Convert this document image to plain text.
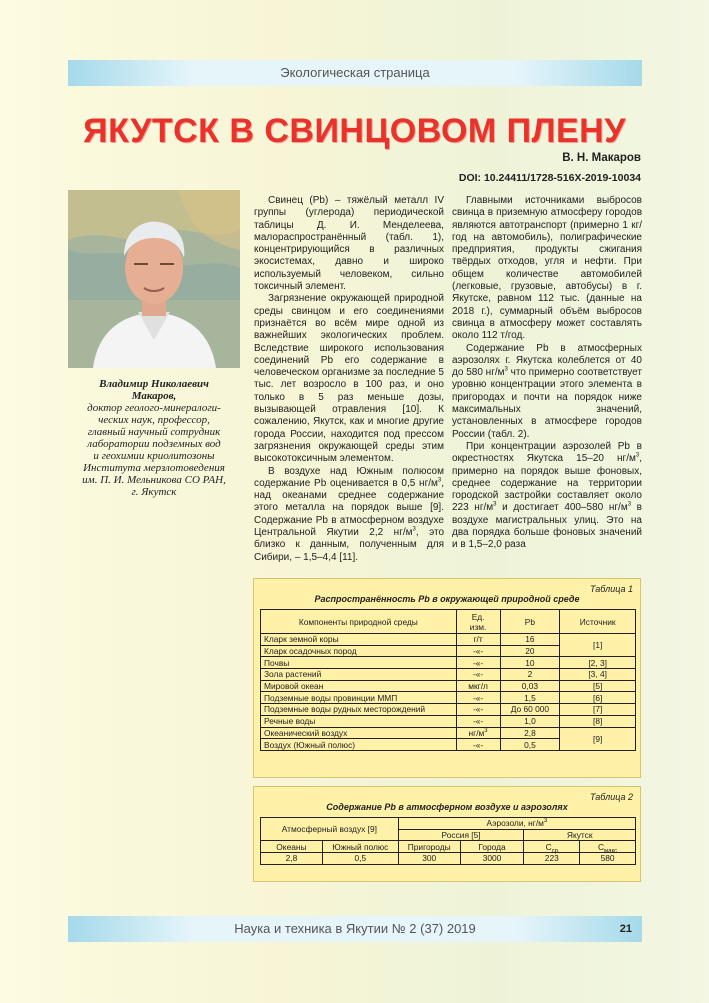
Экологическая страница
ЯКУТСК В СВИНЦОВОМ ПЛЕНУ
В. Н. Макаров
DOI: 10.24411/1728-516X-2019-10034
Владимир Николаевич
Макаров,
доктор геолого-минералоги-
ческих наук, профессор,
главный научный сотрудник
лаборатории подземных вод
и геохимии криолитозоны
Института мерзлотоведения
им. П. И. Мельникова СО РАН,
г. Якутск

Свинец (Pb) – тяжёлый металл IV группы (углерода) периодической таблицы Д. И. Менделеева, малораспространённый (табл. 1), концентрирующийся в различных экосистемах, давно и широко используемый человеком, сильно токсичный элемент.

Загрязнение окружающей природной среды свинцом и его соединениями признаётся во всём мире одной из важнейших экологических проблем. Вследствие широкого использования соединений Pb его содержание в человеческом организме за последние 5 тыс. лет возросло в 100 раз, и оно только в 5 раз меньше дозы, вызывающей отравления [10]. К сожалению, Якутск, как и многие другие города России, находится под прессом загрязнения окружающей среды этим высокотоксичным элементом.

В воздухе над Южным полюсом содержание Pb оценивается в 0,5 $нг/м^3$, над океанами среднее содержание этого металла на порядок выше [9]. Содержание Pb в атмосферном воздухе Центральной Якутии 2,2 $нг/м^3$, это близко к данным, полученным для Сибири, – 1,5–4,4 [11].

Главными источниками выбросов свинца в приземную атмосферу городов являются автотранспорт (примерно 1 кг/год на автомобиль), полиграфические предприятия, продукты сжигания твёрдых отходов, угля и нефти. При общем количестве автомобилей (легковые, грузовые, автобусы) в г. Якутске, равном 112 тыс. (данные на 2018 г.), суммарный объём выбросов свинца в атмосферу может составлять около 112 т/год.

Содержание Pb в атмосферных аэрозолях г. Якутска колеблется от 40 до 580 $нг/м^3$ что примерно соответствует уровню концентрации этого элемента в пригородах и почти на порядок ниже максимальных значений, установленных в атмосфере городов России (табл. 2).

При концентрации аэрозолей Pb в окрестностях Якутска 15–20 $нг/м^3$, примерно на порядок выше фоновых, среднее содержание на территории городской застройки составляет около 223 $нг/м^3$ и достигает 400–580 $нг/м^3$ в воздухе магистральных улиц. Это на два порядка больше фоновых значений и в 1,5–2,0 раза

Таблица 1
Распространённость Pb в окружающей природной среде
Компоненты природной среды	Ед.
изм.	Pb	Источник
Кларк земной коры	г/т	16	[1]
Кларк осадочных пород	-«-	20	
Почвы	-«-	10	[2, 3]
Зола растений	-«-	2	[3, 4]
Мировой океан	мкг/л	0,03	[5]
Подземные воды провинции ММП	-«-	1,5	[6]
Подземные воды рудных месторождений	-«-	До 60 000	[7]
Речные воды	-«-	1,0	[8]
Океанический воздух	$нг/м^3$	2,8	[9]
Воздух (Южный полюс)	-«-	0,5	
Таблица 2
Содержание Pb в атмосферном воздухе и аэрозолях
Атмосферный воздух [9]		Аэрозоли, $нг/м^3$
		Россия [5]		Якутск	
Океаны	Южный полюс	Пригороды	Города	$C_{ср}$	$C_{макс}$
2,8	0,5	300	3000	223	580
Наука и техника в Якутии № 2 (37) 2019	21
